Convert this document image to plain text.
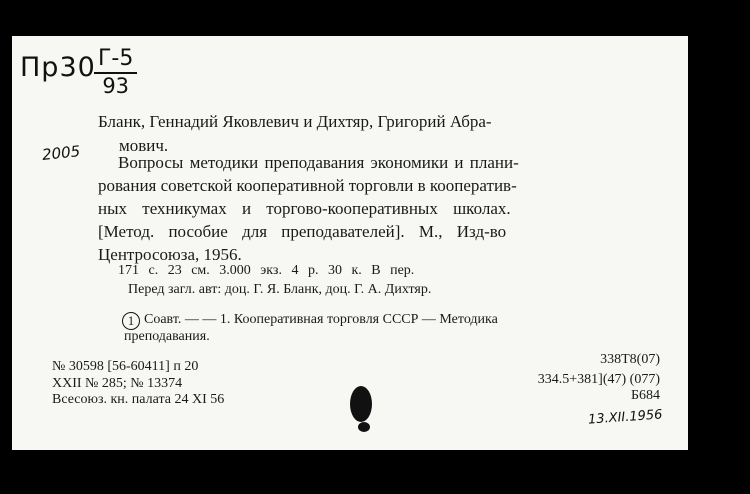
Пр30 Г-5
93
2005
Бланк, Геннадий Яковлевич и Дихтяр, Григорий Абра-
мович.
Вопросы методики преподавания экономики и плани-
рования советской кооперативной торговли в кооператив-
ных техникумах и торгово-кооперативных школах.
[Метод. пособие для преподавателей]. М., Изд-во
Центросоюза, 1956.
171 с. 23 см. 3.000 экз. 4 р. 30 к. В пер.
Перед загл. авт: доц. Г. Я. Бланк, доц. Г. А. Дихтяр.
1 Соавт. — — 1. Кооперативная торговля СССР — Методика
преподавания.
№ 30598 [56-60411] п 20
XXII № 285; № 13374
Всесоюз. кн. палата 24 XI 56
338Т8(07)
334.5+381](47) (077)
Б684
13.XII.1956
